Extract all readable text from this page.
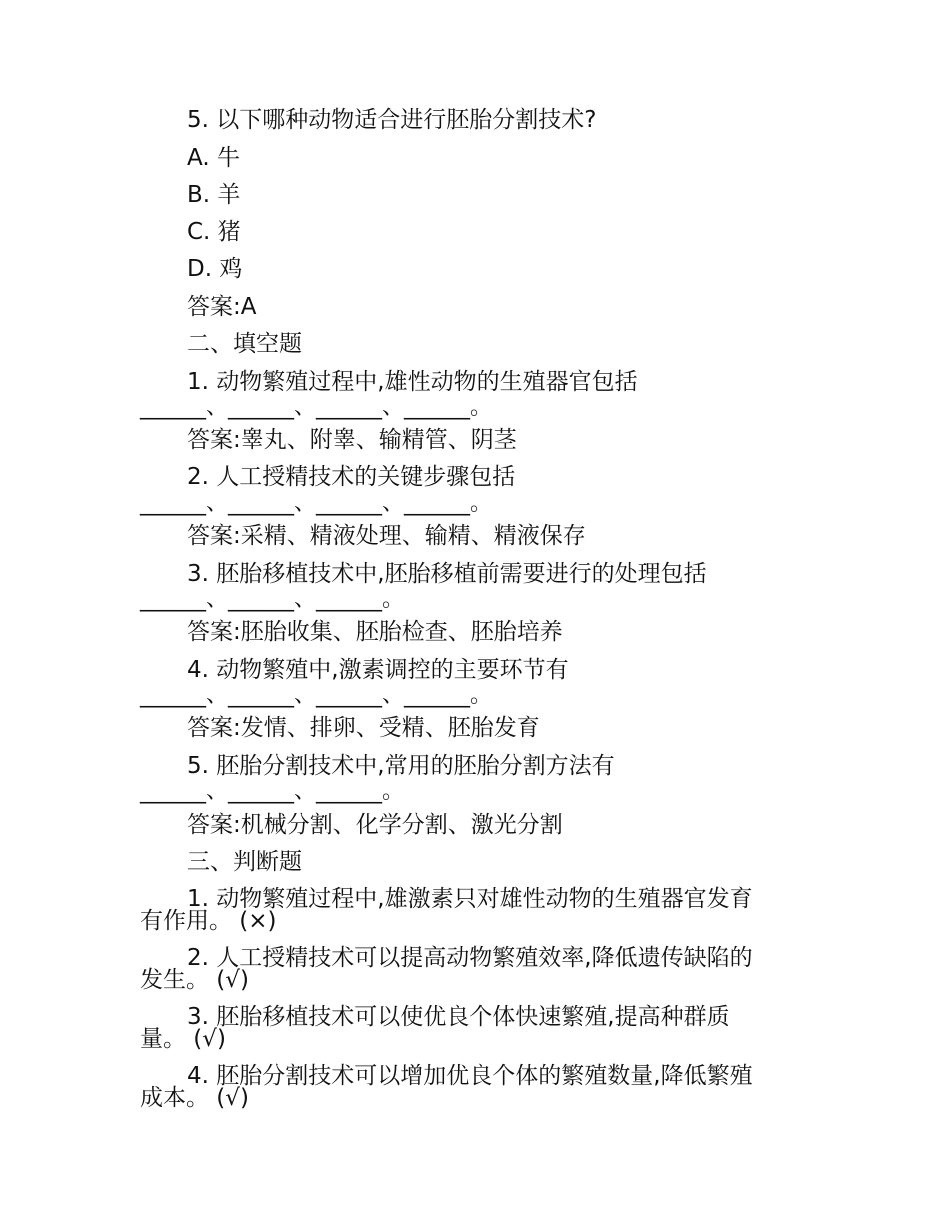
5. 以下哪种动物适合进行胚胎分割技术?
A. 牛
B. 羊
C. 猪
D. 鸡
答案:A
二、填空题
1. 动物繁殖过程中,雄性动物的生殖器官包括
______、______、______、______。
答案:睾丸、附睾、输精管、阴茎
2. 人工授精技术的关键步骤包括
______、______、______、______。
答案:采精、精液处理、输精、精液保存
3. 胚胎移植技术中,胚胎移植前需要进行的处理包括
______、______、______。
答案:胚胎收集、胚胎检查、胚胎培养
4. 动物繁殖中,激素调控的主要环节有
______、______、______、______。
答案:发情、排卵、受精、胚胎发育
5. 胚胎分割技术中,常用的胚胎分割方法有
______、______、______。
答案:机械分割、化学分割、激光分割
三、判断题
1. 动物繁殖过程中,雄激素只对雄性动物的生殖器官发育
有作用。 (×)
2. 人工授精技术可以提高动物繁殖效率,降低遗传缺陷的
发生。 (√)
3. 胚胎移植技术可以使优良个体快速繁殖,提高种群质
量。 (√)
4. 胚胎分割技术可以增加优良个体的繁殖数量,降低繁殖
成本。 (√)
